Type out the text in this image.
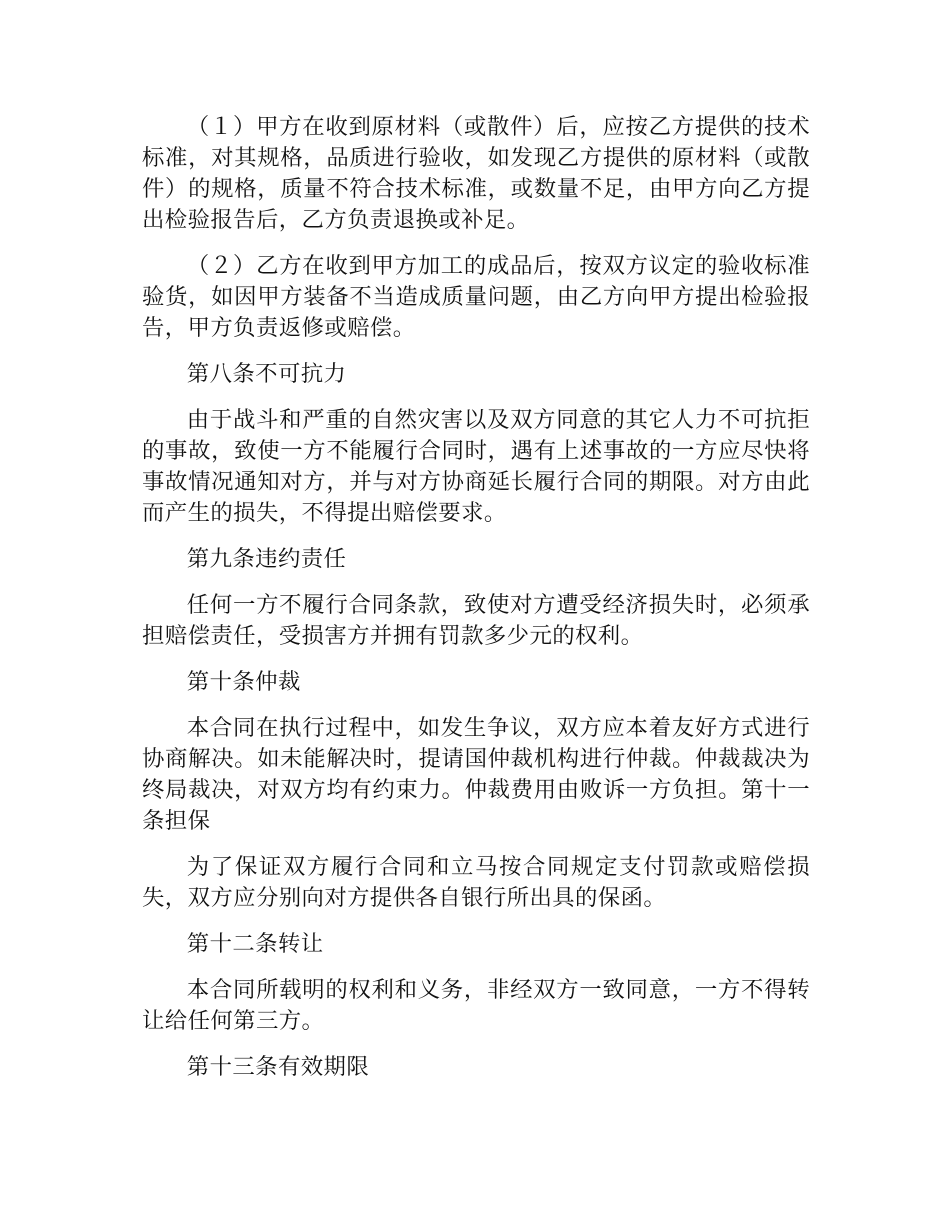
（１）甲方在收到原材料（或散件）后，应按乙方提供的技术标准，对其规格，品质进行验收，如发现乙方提供的原材料（或散件）的规格，质量不符合技术标准，或数量不足，由甲方向乙方提出检验报告后，乙方负责退换或补足。

（２）乙方在收到甲方加工的成品后，按双方议定的验收标准验货，如因甲方装备不当造成质量问题，由乙方向甲方提出检验报告，甲方负责返修或赔偿。

第八条不可抗力

由于战斗和严重的自然灾害以及双方同意的其它人力不可抗拒的事故，致使一方不能履行合同时，遇有上述事故的一方应尽快将事故情况通知对方，并与对方协商延长履行合同的期限。对方由此而产生的损失，不得提出赔偿要求。

第九条违约责任

任何一方不履行合同条款，致使对方遭受经济损失时，必须承担赔偿责任，受损害方并拥有罚款多少元的权利。

第十条仲裁

本合同在执行过程中，如发生争议，双方应本着友好方式进行协商解决。如未能解决时，提请国仲裁机构进行仲裁。仲裁裁决为终局裁决，对双方均有约束力。仲裁费用由败诉一方负担。第十一条担保

为了保证双方履行合同和立马按合同规定支付罚款或赔偿损失，双方应分别向对方提供各自银行所出具的保函。

第十二条转让

本合同所载明的权利和义务，非经双方一致同意，一方不得转让给任何第三方。

第十三条有效期限
